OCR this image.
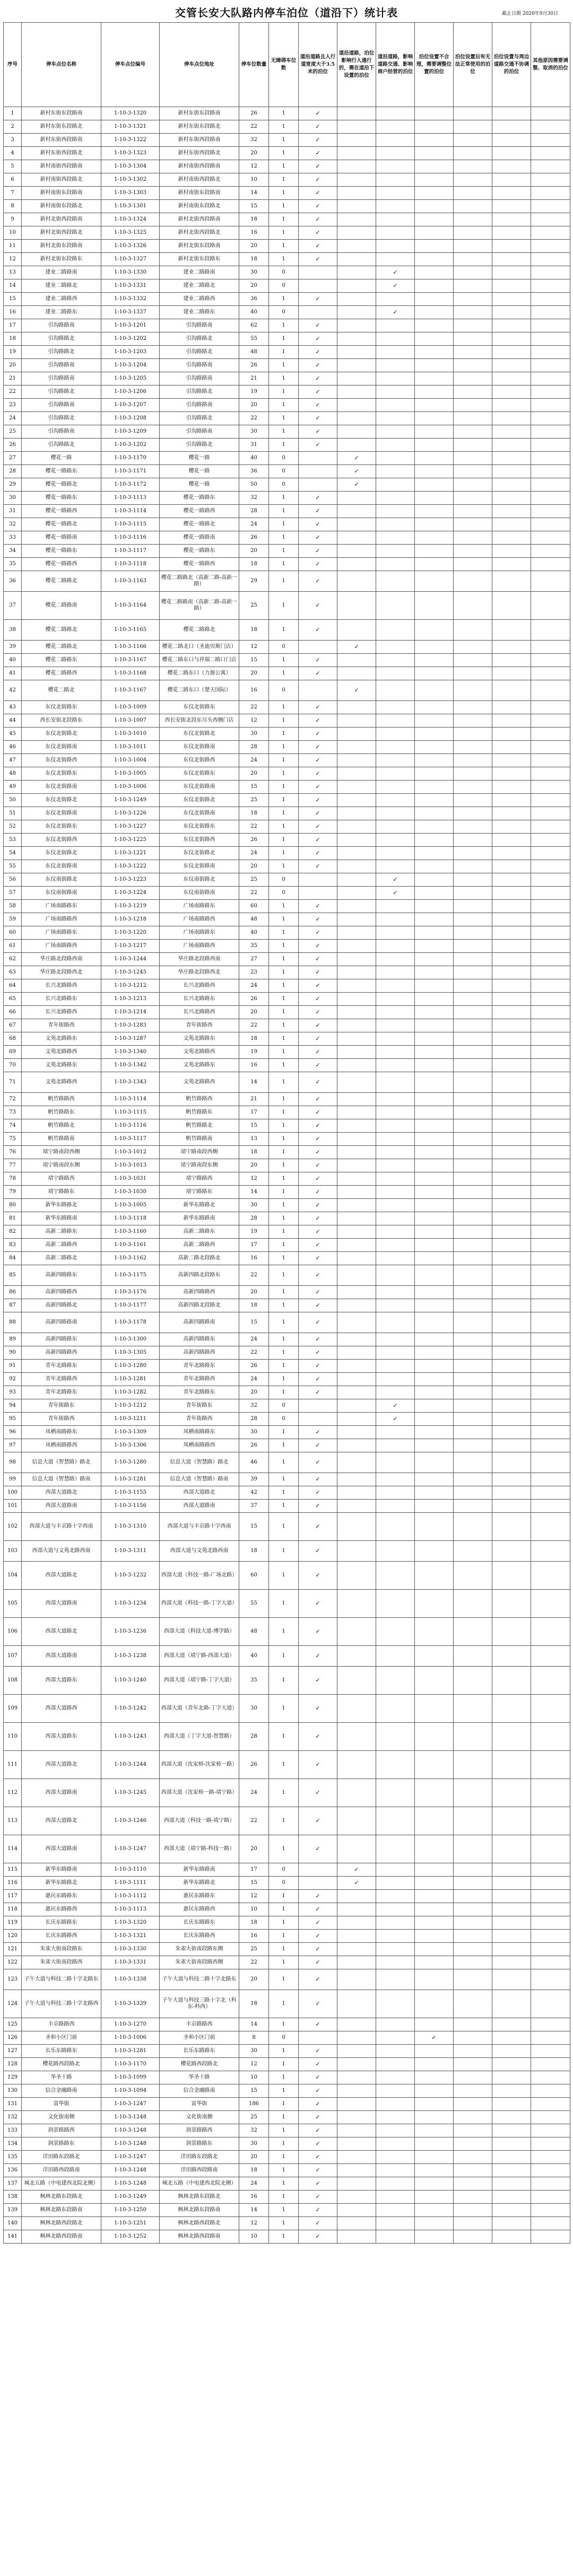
交管长安大队路内停车泊位（道沿下）统计表	截止日期 2020年9月30日
序号	停车点位名称	停车点位编号	停车点位地址	停车位数量	无障碍车位数	道沿道路且人行道宽度大于3.5米的泊位	道沿道路，泊位影响行人通行的，需在道沿下设置的泊位	道沿道路，影响道路交通、影响商户经营的泊位	泊位设置不合理，需要调整位置的泊位	泊位设置后有无法正常使用的泊位	泊位设置与周边道路交通不协调的泊位	其他原因需要调整、取消的泊位
1	新村东街东段路南	1-10-3-1320	新村东街东段路南	26	1	✓						
2	新村东街东段路北	1-10-3-1321	新村东街东段路北	22	1	✓						
3	新村东街西段路南	1-10-3-1322	新村东街西段路南	32	1	✓						
4	新村东街西段路北	1-10-3-1323	新村东街西段路北	20	1	✓						
5	新村南街西段路南	1-10-3-1304	新村南街西段路南	12	1	✓						
6	新村南街西段路北	1-10-3-1302	新村南街西段路北	10	1	✓						
7	新村南街东段路南	1-10-3-1303	新村南街东段路南	14	1	✓						
8	新村南街东段路北	1-10-3-1301	新村南街东段路北	15	1	✓						
9	新村北街西段路南	1-10-3-1324	新村北街西段路南	18	1	✓						
10	新村北街西段路北	1-10-3-1325	新村北街西段路北	16	1	✓						
11	新村北街东段路南	1-10-3-1326	新村北街东段路南	20	1	✓						
12	新村北街东段路东	1-10-3-1327	新村北街东段路东	18	1	✓						
13	建业二路路南	1-10-3-1330	建业二路路南	30	0			✓				
14	建业二路路北	1-10-3-1331	建业二路路北	20	0			✓				
15	建业二路路西	1-10-3-1332	建业二路路西	36	1	✓						
16	建业二路路东	1-10-3-1337	建业二路路东	40	0			✓				
17	引沟路路南	1-10-3-1201	引沟路路南	62	1	✓						
18	引沟路路北	1-10-3-1202	引沟路路北	55	1	✓						
19	引沟路路北	1-10-3-1203	引沟路路北	48	1	✓						
20	引沟路路南	1-10-3-1204	引沟路路南	26	1	✓						
21	引沟路路南	1-10-3-1205	引沟路路南	21	1	✓						
22	引沟路路北	1-10-3-1206	引沟路路北	19	1	✓						
23	引沟路路南	1-10-3-1207	引沟路路南	20	1	✓						
24	引沟路路北	1-10-3-1208	引沟路路北	22	1	✓						
25	引沟路路南	1-10-3-1209	引沟路路南	30	1	✓						
26	引沟路路北	1-10-3-1202	引沟路路北	31	1	✓						
27	樱花一路	1-10-3-1170	樱花一路	40	0		✓					
28	樱花一路路东	1-10-3-1171	樱花一路	36	0		✓					
29	樱花一路路北	1-10-3-1172	樱花一路	50	0		✓					
30	樱花一路路东	1-10-3-1113	樱花一路路东	32	1	✓						
31	樱花一路路西	1-10-3-1114	樱花一路路西	28	1	✓						
32	樱花一路路北	1-10-3-1115	樱花一路路北	24	1	✓						
33	樱花一路路南	1-10-3-1116	樱花一路路南	26	1	✓						
34	樱花一路路东	1-10-3-1117	樱花一路路东	20	1	✓						
35	樱花一路路西	1-10-3-1118	樱花一路路西	18	1	✓						
36	樱花二路路北	1-10-3-1163	樱花二路路北（高新二路-高新一路）	29	1	✓						
37	樱花二路路南	1-10-3-1164	樱花二路路南（高新二路-高新一路）	25	1	✓						
38	樱花二路路北	1-10-3-1165	樱花二路路北	18	1	✓						
39	樱花二路路北	1-10-3-1166	樱花二路北口（圣迪贝斯门店）	12	0		✓					
40	樱花二路路东	1-10-3-1167	樱花二路东口与祥瑞二路口门店	15	1	✓						
41	樱花二路路西	1-10-3-1168	樱花二路东口（力源公寓）	20	1	✓						
42	樱花二路北	1-10-3-1167	樱花二路东口（楚天国际）	16	0		✓					
43	东仪北街路东	1-10-3-1009	东仪北街路东	22	1	✓						
44	西长安街北段路东	1-10-3-1007	西长安街北段东尽头西侧门店	12	1	✓						
45	东仪北街路北	1-10-3-1010	东仪北街路北	30	1	✓						
46	东仪北街路南	1-10-3-1011	东仪北街路南	28	1	✓						
47	东仪北街路西	1-10-3-1004	东仪北街路西	24	1	✓						
48	东仪北街路东	1-10-3-1005	东仪北街路东	20	1	✓						
49	东仪北街路南	1-10-3-1006	东仪北街路南	15	1	✓						
50	东仪北街路北	1-10-3-1249	东仪北街路北	25	1	✓						
51	东仪北街路南	1-10-3-1226	东仪北街路南	18	1	✓						
52	东仪北街路东	1-10-3-1227	东仪北街路东	22	1	✓						
53	东仪北街路西	1-10-3-1225	东仪北街路西	26	1	✓						
54	东仪北街路北	1-10-3-1221	东仪北街路北	24	1	✓						
55	东仪北街路南	1-10-3-1222	东仪北街路南	20	1	✓						
56	东仪南街路北	1-10-3-1223	东仪南街路北	25	0			✓				
57	东仪南街路南	1-10-3-1224	东仪南街路南	22	0			✓				
58	广场南路路东	1-10-3-1219	广场南路路东	60	1	✓						
59	广场南路路西	1-10-3-1218	广场南路路西	48	1	✓						
60	广场南路路东	1-10-3-1220	广场南路路东	40	1	✓						
61	广场南路路西	1-10-3-1217	广场南路路西	35	1	✓						
62	华庄路北段路西南	1-10-3-1244	华庄路北段路西南	27	1	✓						
63	华庄路北段路西北	1-10-3-1245	华庄路北段路西北	23	1	✓						
64	长兴北路路西	1-10-3-1212	长兴北路路西	24	1	✓						
65	长兴北路路东	1-10-3-1213	长兴北路路东	26	1	✓						
66	长兴北路路西	1-10-3-1214	长兴北路路西	20	1	✓						
67	青年街路西	1-10-3-1283	青年街路西	22	1	✓						
68	文苑北路路东	1-10-3-1287	文苑北路路东	18	1	✓						
69	文苑北路路西	1-10-3-1340	文苑北路路西	19	1	✓						
70	文苑北路路东	1-10-3-1342	文苑北路路东	16	1	✓						
71	文苑北路路西	1-10-3-1343	文苑北路路西	14	1	✓						
72	帆竹路路西	1-10-3-1114	帆竹路路西	21	1	✓						
73	帆竹路路东	1-10-3-1115	帆竹路路东	17	1	✓						
74	帆竹路路北	1-10-3-1116	帆竹路路北	15	1	✓						
75	帆竹路路南	1-10-3-1117	帆竹路路南	13	1	✓						
76	靖宁路南段西侧	1-10-3-1012	靖宁路南段西侧	18	1	✓						
77	靖宁路南段东侧	1-10-3-1013	靖宁路南段东侧	20	1	✓						
78	靖宁路路西	1-10-3-1031	靖宁路路西	12	1	✓						
79	靖宁路路东	1-10-3-1030	靖宁路路东	14	1	✓						
80	新华东路路北	1-10-3-1005	新华东路路北	30	1	✓						
81	新华东路路南	1-10-3-1118	新华东路路南	28	1	✓						
82	高新二路路东	1-10-3-1160	高新二路路东	19	1	✓						
83	高新二路路西	1-10-3-1161	高新二路路西	17	1	✓						
84	高新二路路北	1-10-3-1162	高新二路北段路北	16	1	✓						
85	高新四路路东	1-10-3-1175	高新四路北段路东	22	1	✓						
86	高新四路路西	1-10-3-1176	高新四路路西	20	1	✓						
87	高新四路路北	1-10-3-1177	高新四路北段路北	18	1	✓						
88	高新四路路南	1-10-3-1178	高新四路路南	15	1	✓						
89	高新四路路东	1-10-3-1300	高新四路路东	24	1	✓						
90	高新四路路西	1-10-3-1305	高新四路路西	22	1	✓						
91	青年北路路东	1-10-3-1280	青年北路路东	26	1	✓						
92	青年北路路西	1-10-3-1281	青年北路路西	24	1	✓						
93	青年北路路东	1-10-3-1282	青年北路路东	20	1	✓						
94	青年街路东	1-10-3-1212	青年街路东	32	0			✓				
95	青年街路西	1-10-3-1211	青年街路西	28	0			✓				
96	凤栖南路路东	1-10-3-1309	凤栖南路路东	30	1	✓						
97	凤栖南路路西	1-10-3-1306	凤栖南路路西	26	1	✓						
98	信息大道（智慧路）路北	1-10-3-1280	信息大道（智慧路）路北	46	1	✓						
99	信息大道（智慧路）路南	1-10-3-1281	信息大道（智慧路）路南	39	1	✓						
100	西部大道路北	1-10-3-1155	西部大道路北	42	1	✓						
101	西部大道路南	1-10-3-1156	西部大道路南	37	1	✓						
102	西部大道与丰京路十字西南	1-10-3-1310	西部大道与丰京路十字西南	15	1	✓						
103	西部大道与文苑北路西南	1-10-3-1311	西部大道与文苑北路西南	18	1	✓						
104	西部大道路北	1-10-3-1232	西部大道（科技一路-广场北路）	60	1	✓						
105	西部大道路南	1-10-3-1234	西部大道（科技一路-丁字大道）	55	1	✓						
106	西部大道路北	1-10-3-1236	西部大道（科技大道-博学路）	48	1	✓						
107	西部大道路南	1-10-3-1238	西部大道（靖宁路-西部大道）	40	1	✓						
108	西部大道路东	1-10-3-1240	西部大道（靖宁路-丁字大道）	35	1	✓						
109	西部大道路西	1-10-3-1242	西部大道（青年北路-丁字大道）	30	1	✓						
110	西部大道路东	1-10-3-1243	西部大道（丁字大道-智慧路）	28	1	✓						
111	西部大道路北	1-10-3-1244	西部大道（沈家桥-沈家桥一路）	26	1	✓						
112	西部大道路南	1-10-3-1245	西部大道（沈家桥一路-靖宁路）	24	1	✓						
113	西部大道路北	1-10-3-1246	西部大道（科技一路-靖宁路）	22	1	✓						
114	西部大道路南	1-10-3-1247	西部大道（靖宁路-科技一路）	20	1	✓						
115	新华东路路南	1-10-3-1110	新华东路路南	17	0		✓					
116	新华东路路北	1-10-3-1111	新华东路路北	15	0		✓					
117	惠民东路路东	1-10-3-1112	惠民东路路东	12	1	✓						
118	惠民东路路西	1-10-3-1113	惠民东路路西	10	1	✓						
119	长庆东路路东	1-10-3-1320	长庆东路路东	18	1	✓						
120	长庆东路路西	1-10-3-1321	长庆东路路西	16	1	✓						
121	朱雀大街南段路东	1-10-3-1330	朱雀大街南段路东侧	25	1	✓						
122	朱雀大街南段路西	1-10-3-1331	朱雀大街南段路西侧	22	1	✓						
123	子午大道与科技二路十字北路东	1-10-3-1338	子午大道与科技二路十字北路东	20	1	✓						
124	子午大道与科技三路十字北路西	1-10-3-1339	子午大道与科技三路十字北（科东-科西）	18	1	✓						
125	丰京路路西	1-10-3-1270	丰京路路西	14	1	✓						
126	圣和小区门前	1-10-3-1006	圣和小区门前	8	0				✓			
127	长乐东路路东	1-10-3-1281	长乐东路路东	30	1	✓						
128	樱花路西段路北	1-10-3-1170	樱花路西段路北	12	1	✓						
129	华圣十路	1-10-3-1099	华圣十路	10	1	✓						
130	信合金融路南	1-10-3-1094	信合金融路南	15	1	✓						
131	富华街	1-10-3-1247	富华街	186	1	✓						
132	文化街南侧	1-10-3-1248	文化街南侧	25	1	✓						
133	润景路路西	1-10-3-1248	润景路路西	32	1	✓						
134	润景路路东	1-10-3-1248	润景路路东	30	1	✓						
135	洋田路东段路北	1-10-3-1247	洋田路东段路北	20	1	✓						
136	洋田路西段路南	1-10-3-1248	洋田路西段路南	18	1	✓						
137	城北五路（中电建西北院北侧）	1-10-3-1248	城北五路（中电建西北院北侧）	24	1	✓						
138	枫林北路东段路北	1-10-3-1249	枫林北路东段路北	16	1	✓						
139	枫林北路东段路南	1-10-3-1250	枫林北路东段路南	14	1	✓						
140	枫林北路西段路北	1-10-3-1251	枫林北路西段路北	12	1	✓						
141	枫林北路西段路南	1-10-3-1252	枫林北路西段路南	10	1	✓						
